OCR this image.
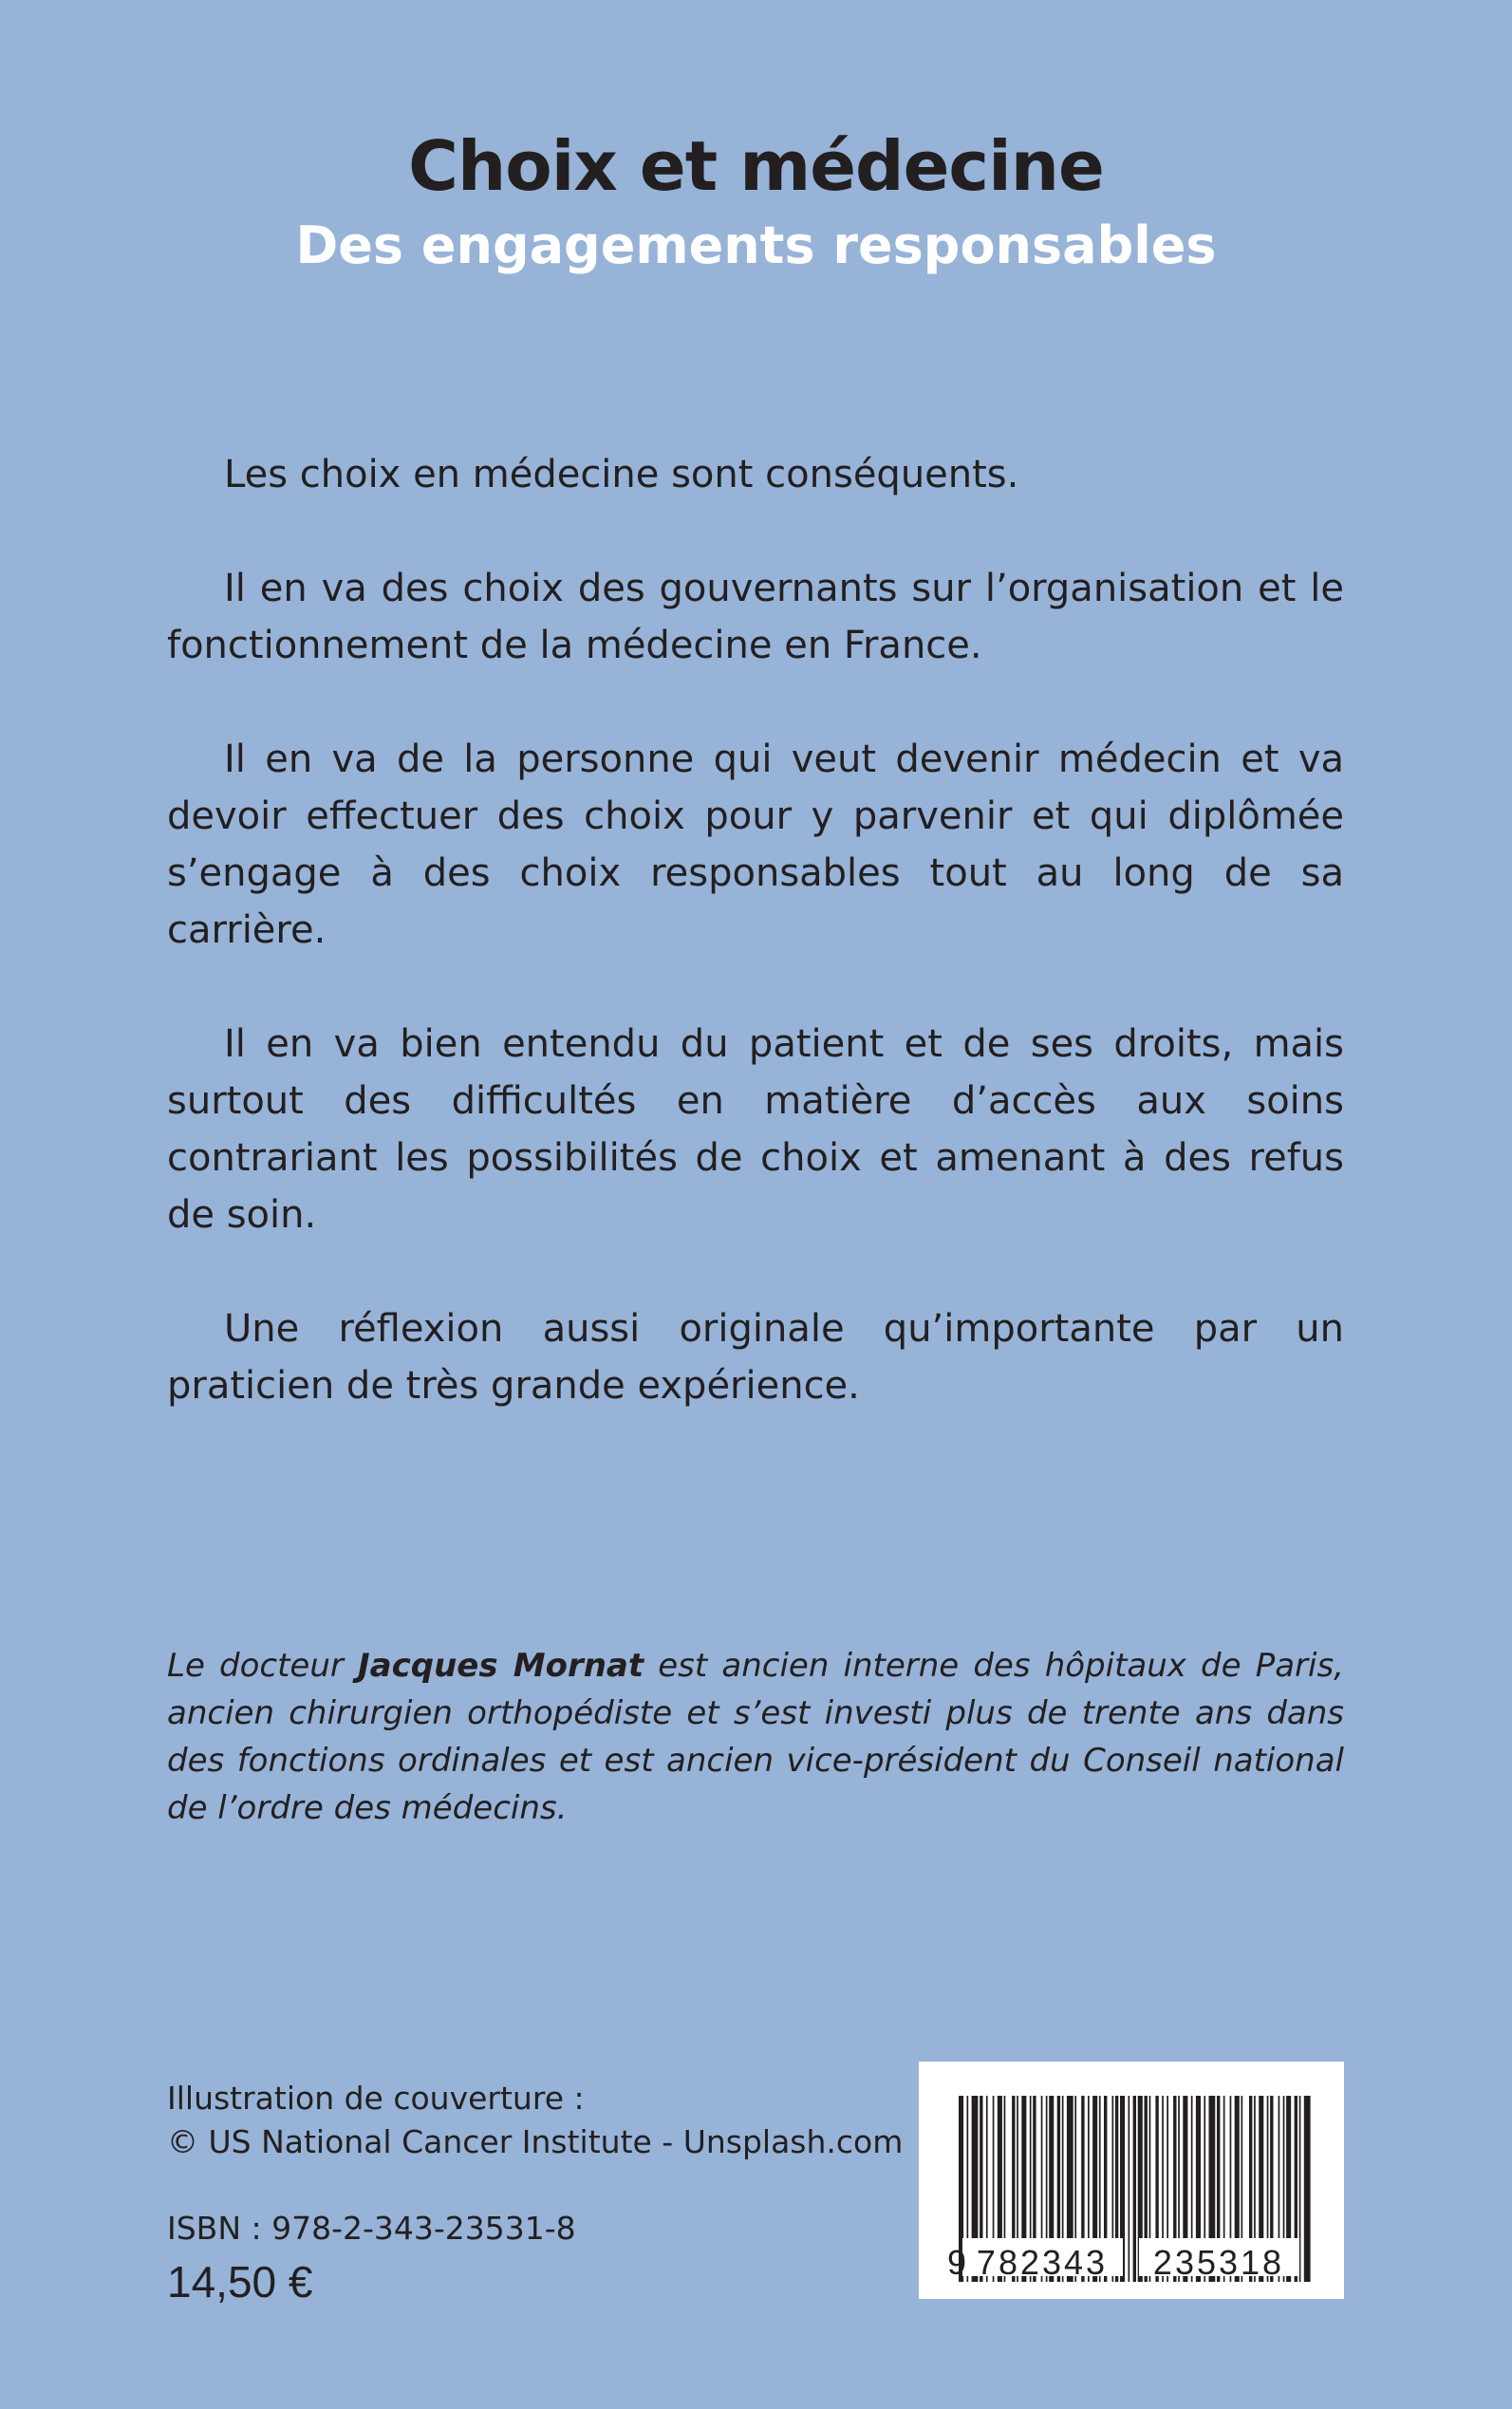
Choix et médecine
Des engagements responsables

Les choix en médecine sont conséquents.

Il en va des choix des gouvernants sur l’organisation et le fonctionnement de la médecine en France.

Il en va de la personne qui veut devenir médecin et va devoir effectuer des choix pour y parvenir et qui diplômée s’engage à des choix responsables tout au long de sa carrière.

Il en va bien entendu du patient et de ses droits, mais surtout des difficultés en matière d’accès aux soins contrariant les possibilités de choix et amenant à des refus de soin.

Une réflexion aussi originale qu’importante par un praticien de très grande expérience.

Le docteur Jacques Mornat est ancien interne des hôpitaux de Paris, ancien chirurgien orthopédiste et s’est investi plus de trente ans dans des fonctions ordinales et est ancien vice-président du Conseil national de l’ordre des médecins.

Illustration de couverture :
© US National Cancer Institute - Unsplash.com
ISBN : 978-2-343-23531-8
14,50 €	9 782343 235318
